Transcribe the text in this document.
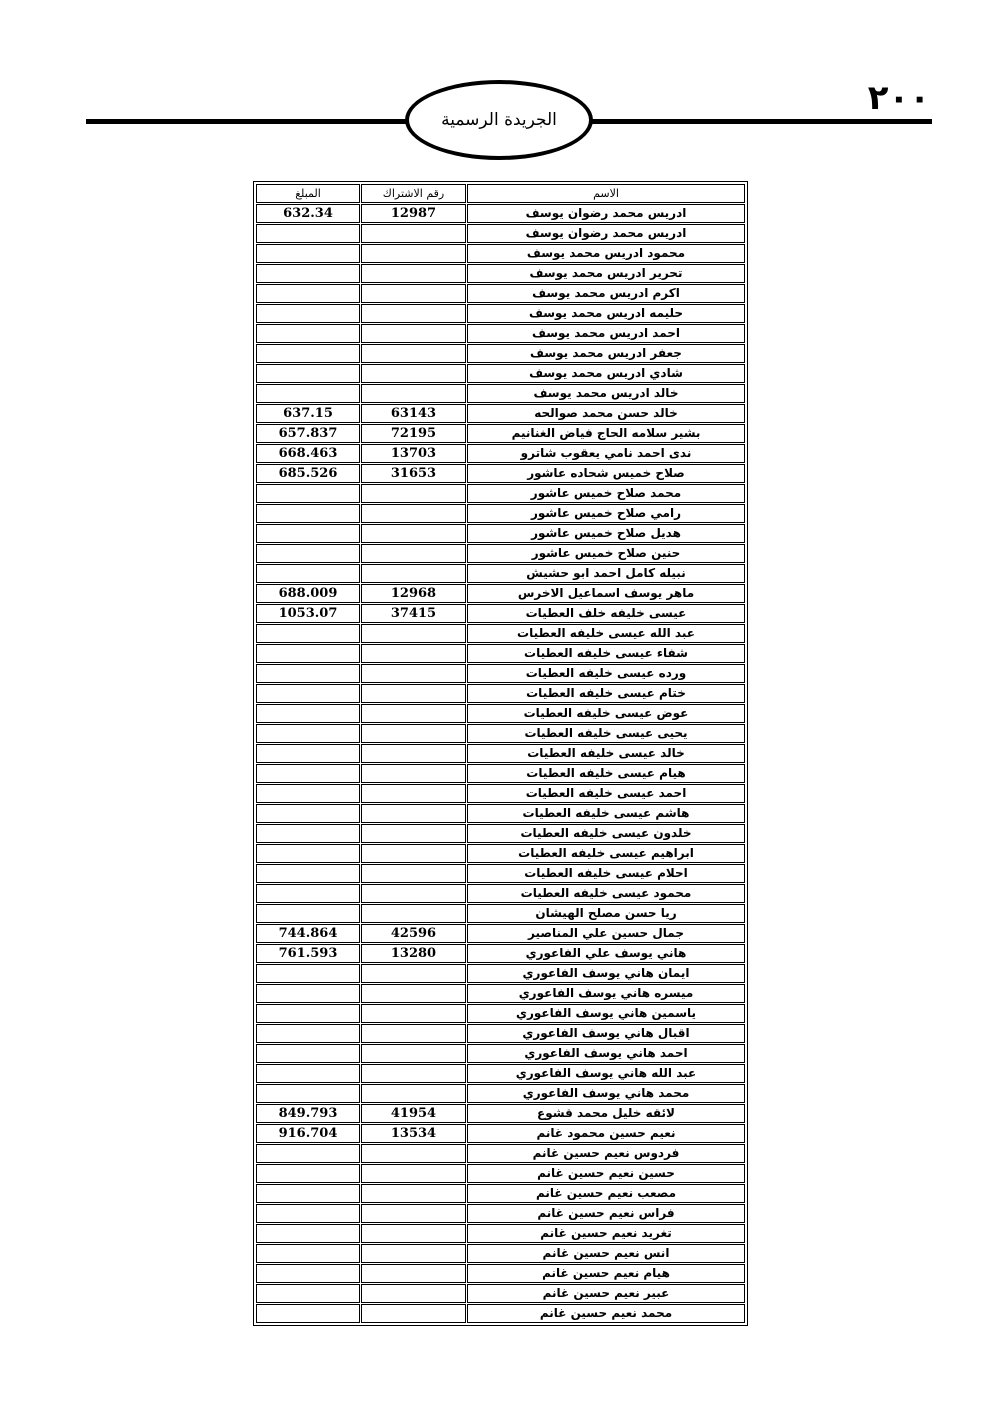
الجريدة الرسمية
٢٠٠
المبلغ	رقم الاشتراك	الاسم
632.34	12987	ادريس محمد رضوان يوسف
		ادريس محمد رضوان يوسف
		محمود ادريس محمد يوسف
		تحرير ادريس محمد يوسف
		اكرم ادريس محمد يوسف
		حليمه ادريس محمد يوسف
		احمد ادريس محمد يوسف
		جعفر ادريس محمد يوسف
		شادي ادريس محمد يوسف
		خالد ادريس محمد يوسف
637.15	63143	خالد حسن محمد صوالحه
657.837	72195	بشير سلامه الحاج فياض الغنانيم
668.463	13703	ندى احمد نامي يعقوب شاترو
685.526	31653	صلاح خميس شحاده عاشور
		محمد صلاح خميس عاشور
		رامي صلاح خميس عاشور
		هديل صلاح خميس عاشور
		حنين صلاح خميس عاشور
		نبيله كامل احمد ابو حشيش
688.009	12968	ماهر يوسف اسماعيل الاخرس
1053.07	37415	عيسى خليفه خلف العطيات
		عبد الله عيسى خليفه العطيات
		شفاء عيسى خليفه العطيات
		ورده عيسى خليفه العطيات
		ختام عيسى خليفه العطيات
		عوض عيسى خليفه العطيات
		يحيى عيسى خليفه العطيات
		خالد عيسى خليفه العطيات
		هيام عيسى خليفه العطيات
		احمد عيسى خليفه العطيات
		هاشم عيسى خليفه العطيات
		خلدون عيسى خليفه العطيات
		ابراهيم عيسى خليفه العطيات
		احلام عيسى خليفه العطيات
		محمود عيسى خليفه العطيات
		ريا حسن مصلح الهيشان
744.864	42596	جمال حسين علي المناصير
761.593	13280	هاني يوسف علي الفاعوري
		ايمان هاني يوسف الفاعوري
		ميسره هاني يوسف الفاعوري
		ياسمين هاني يوسف الفاعوري
		اقبال هاني يوسف الفاعوري
		احمد هاني يوسف الفاعوري
		عبد الله هاني يوسف الفاعوري
		محمد هاني يوسف الفاعوري
849.793	41954	لائقه خليل محمد قشوع
916.704	13534	نعيم حسين محمود غانم
		فردوس نعيم حسين غانم
		حسين نعيم حسين غانم
		مصعب نعيم حسين غانم
		فراس نعيم حسين غانم
		تغريد نعيم حسين غانم
		انس نعيم حسين غانم
		هيام نعيم حسين غانم
		عبير نعيم حسين غانم
		محمد نعيم حسين غانم
